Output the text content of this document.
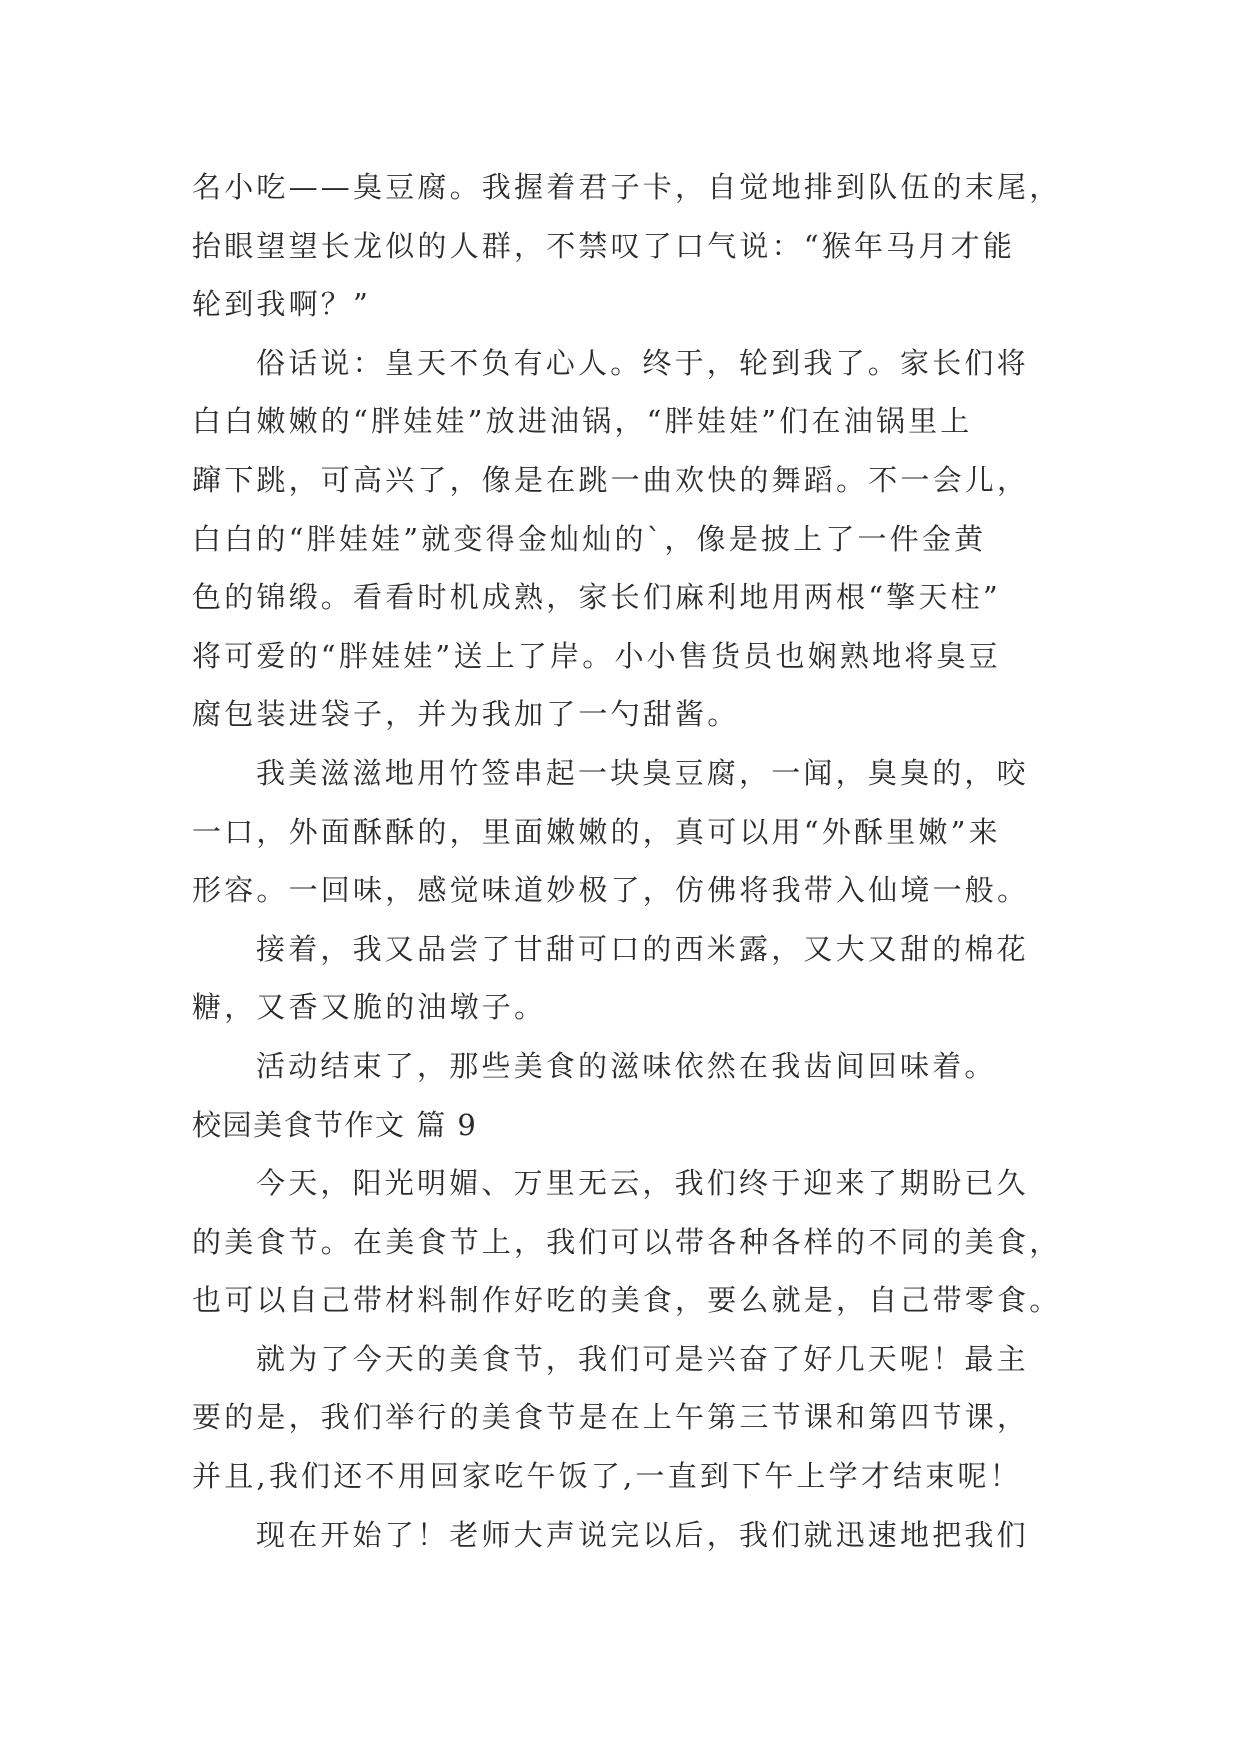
名小吃——臭豆腐。我握着君子卡，自觉地排到队伍的末尾，
抬眼望望长龙似的人群，不禁叹了口气说：“猴年马月才能
轮到我啊？”
俗话说：皇天不负有心人。终于，轮到我了。家长们将
白白嫩嫩的“胖娃娃”放进油锅，“胖娃娃”们在油锅里上
蹿下跳，可高兴了，像是在跳一曲欢快的舞蹈。不一会儿，
白白的“胖娃娃”就变得金灿灿的`，像是披上了一件金黄
色的锦缎。看看时机成熟，家长们麻利地用两根“擎天柱”
将可爱的“胖娃娃”送上了岸。小小售货员也娴熟地将臭豆
腐包装进袋子，并为我加了一勺甜酱。
我美滋滋地用竹签串起一块臭豆腐，一闻，臭臭的，咬
一口，外面酥酥的，里面嫩嫩的，真可以用“外酥里嫩”来
形容。一回味，感觉味道妙极了，仿佛将我带入仙境一般。
接着，我又品尝了甘甜可口的西米露，又大又甜的棉花
糖，又香又脆的油墩子。
活动结束了，那些美食的滋味依然在我齿间回味着。
校园美食节作文 篇 9
今天，阳光明媚、万里无云，我们终于迎来了期盼已久
的美食节。在美食节上，我们可以带各种各样的不同的美食，
也可以自己带材料制作好吃的美食，要么就是，自己带零食。
就为了今天的美食节，我们可是兴奋了好几天呢！最主
要的是，我们举行的美食节是在上午第三节课和第四节课，
并且,我们还不用回家吃午饭了,一直到下午上学才结束呢！
现在开始了！老师大声说完以后，我们就迅速地把我们
